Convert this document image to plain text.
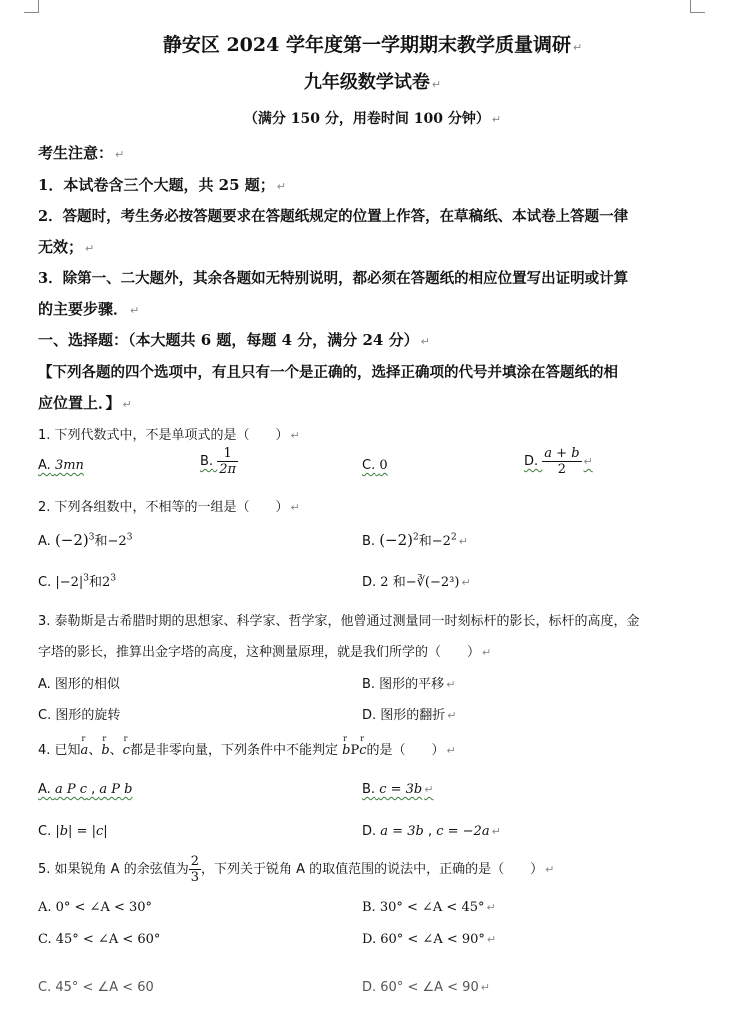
静安区 2024 学年度第一学期期末教学质量调研 ↵
九年级数学试卷 ↵
（满分 150 分，用卷时间 100 分钟） ↵
考生注意： ↵
1．本试卷含三个大题，共 25 题； ↵
2．答题时，考生务必按答题要求在答题纸规定的位置上作答，在草稿纸、本试卷上答题一律
无效； ↵
3．除第一、二大题外，其余各题如无特别说明，都必须在答题纸的相应位置写出证明或计算
的主要步骤． ↵
一、选择题：（本大题共 6 题，每题 4 分，满分 24 分） ↵
【下列各题的四个选项中，有且只有一个是正确的，选择正确项的代号并填涂在答题纸的相
应位置上．】 ↵
1. 下列代数式中，不是单项式的是（　　） ↵
A. 3mn	B. $\frac{1}{2\pi}$	C. 0	D. $\frac{a + b}{2}$ ↵
2. 下列各组数中，不相等的一组是（　　） ↵
A. $(-2)^3$和$-2^3$	B. $(-2)^2$和$-2^2$ ↵
C. $|-2|^3$和$2^3$	D. 2 和−∛(−2³) ↵
3. 泰勒斯是古希腊时期的思想家、科学家、哲学家，他曾通过测量同一时刻标杆的影长，标杆的高度，金
字塔的影长，推算出金字塔的高度，这种测量原理，就是我们所学的（　　） ↵
A. 图形的相似	B. 图形的平移 ↵
C. 图形的旋转	D. 图形的翻折 ↵
4. 已知
r
a、
r
b、
r
c都是非零向量，下列条件中不能判定
r
bP
r
c的是（　　） ↵
A. a P c , a P b	B. c = 3b ↵
C. |b| = |c|	D. a = 3b , c = −2a ↵
5. 如果锐角 A 的余弦值为 $\frac{2}{3}$ ，下列关于锐角 A 的取值范围的说法中，正确的是（　　） ↵
A. 0° < ∠A < 30°	B. 30° < ∠A < 45° ↵
C. 45° < ∠A < 60°	D. 60° < ∠A < 90° ↵
C. 45° < ∠A < 60	D. 60° < ∠A < 90 ↵
